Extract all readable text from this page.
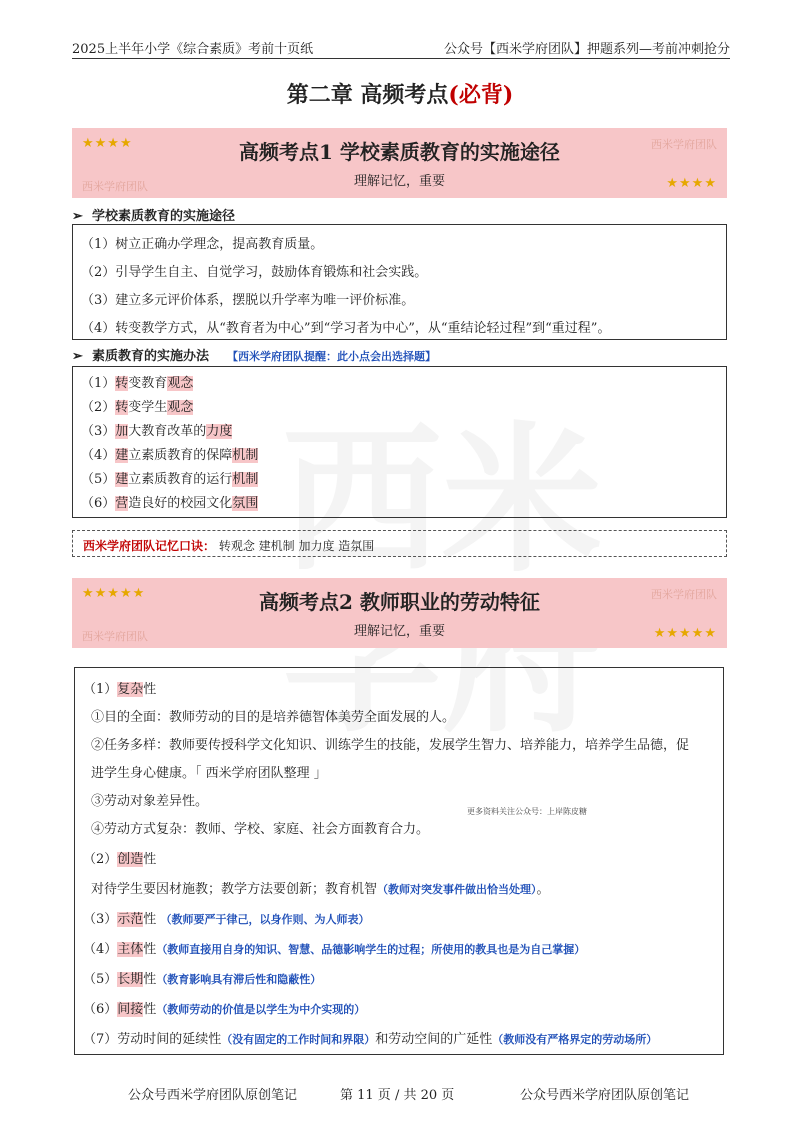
2025上半年小学《综合素质》考前十页纸	公众号【西米学府团队】押题系列—考前冲刺抢分
第二章 高频考点(必背)
★★★★	西米学府团队
西米学府团队	★★★★
高频考点1 学校素质教育的实施途径
理解记忆，重要
➢ 学校素质教育的实施途径
（1）树立正确办学理念，提高教育质量。
（2）引导学生自主、自觉学习，鼓励体育锻炼和社会实践。
（3）建立多元评价体系，摆脱以升学率为唯一评价标准。
（4）转变教学方式，从“教育者为中心”到“学习者为中心”，从“重结论轻过程”到“重过程”。
➢ 素质教育的实施办法 【西米学府团队提醒：此小点会出选择题】
（1）转变教育观念
（2）转变学生观念
（3）加大教育改革的力度
（4）建立素质教育的保障机制
（5）建立素质教育的运行机制
（6）营造良好的校园文化氛围
西米学府团队记忆口诀： 转观念 建机制 加力度 造氛围
★★★★★	西米学府团队
西米学府团队	★★★★★
高频考点2 教师职业的劳动特征
理解记忆，重要
（1）复杂性
①目的全面：教师劳动的目的是培养德智体美劳全面发展的人。
②任务多样：教师要传授科学文化知识、训练学生的技能，发展学生智力、培养能力，培养学生品德，促
进学生身心健康。「 西米学府团队整理 」
③劳动对象差异性。
更多资料关注公众号：上岸陈皮糖
④劳动方式复杂：教师、学校、家庭、社会方面教育合力。
（2）创造性
对待学生要因材施教；教学方法要创新；教育机智（教师对突发事件做出恰当处理）。
（3）示范性 （教师要严于律己，以身作则、为人师表）
（4）主体性（教师直接用自身的知识、智慧、品德影响学生的过程；所使用的教具也是为自己掌握）
（5）长期性（教育影响具有滞后性和隐蔽性）
（6）间接性（教师劳动的价值是以学生为中介实现的）
（7）劳动时间的延续性（没有固定的工作时间和界限）和劳动空间的广延性（教师没有严格界定的劳动场所）
公众号西米学府团队原创笔记	第 11 页 / 共 20 页	公众号西米学府团队原创笔记
